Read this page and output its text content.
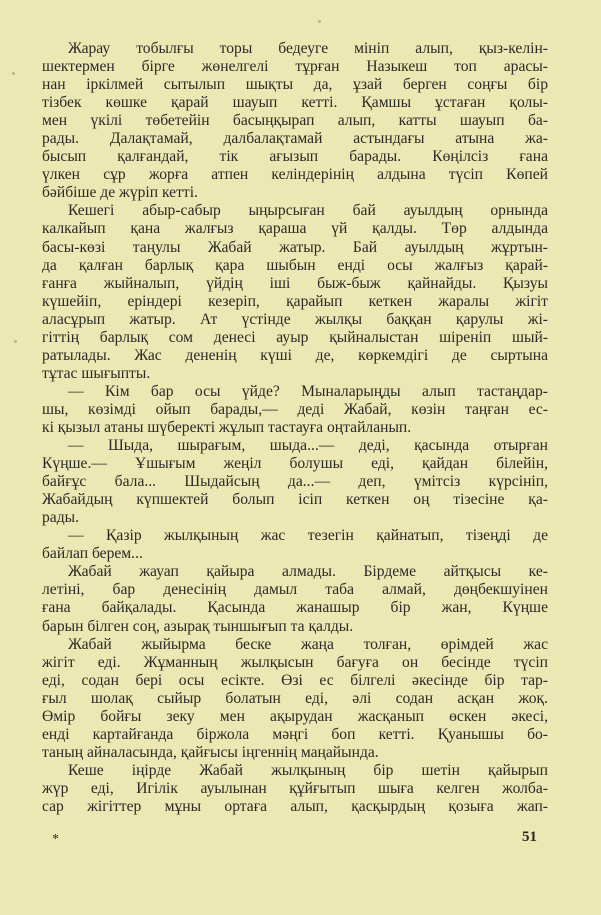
Жарау тобылғы торы бедеуге мініп алып, қыз-келін-
шектермен бірге жөнелгелі тұрған Назыкеш топ арасы-
нан іркілмей сытылып шықты да, ұзай берген соңғы бір
тізбек көшке қарай шауып кетті. Қамшы ұстаған қолы-
мен үкілі төбетейін басыңқырап алып, катты шауып ба-
рады. Далақтамай, далбалақтамай астындағы атына жа-
бысып қалғандай, тік ағызып барады. Көңілсіз ғана
үлкен сұр жорға атпен келіндерінің алдына түсіп Көпей
бәйбіше де жүріп кетті.
Кешегі абыр-сабыр ыңырсыған бай ауылдың орнында
калкайып қана жалғыз қараша үй қалды. Төр алдында
басы-көзі таңулы Жабай жатыр. Бай ауылдың жұртын-
да қалған барлық қара шыбын енді осы жалғыз қарай-
ғанға жыйналып, үйдің іші быж-быж қайнайды. Қызуы
күшейіп, еріндері кезеріп, қарайып кеткен жаралы жігіт
аласұрып жатыр. Ат үстінде жылқы баққан қарулы жі-
гіттің барлық сом денесі ауыр қыйналыстан шіреніп шый-
ратылады. Жас дененің күші де, көркемдігі де сыртына
тұтас шығыпты.
— Кім бар осы үйде? Мыналарыңды алып тастаңдар-
шы, көзімді ойып барады,— деді Жабай, көзін таңған ес-
кі қызыл атаны шүберекті жұлып тастауға оңтайланып.
— Шыда, шырағым, шыда...— деді, қасында отырған
Күңше.— Ұшығым жеңіл болушы еді, қайдан білейін,
байғұс бала... Шыдайсың да...— деп, үмітсіз күрсініп,
Жабайдың күпшектей болып ісіп кеткен оң тізесіне қа-
рады.
— Қазір жылқының жас тезегін қайнатып, тізеңді де
байлап берем...
Жабай жауап қайыра алмады. Бірдеме айтқысы ке-
летіні, бар денесінің дамыл таба алмай, дөңбекшуінен
ғана байқалады. Қасында жанашыр бір жан, Күңше
барын білген соң, азырақ тыншығып та қалды.
Жабай жыйырма беске жаңа толған, өрімдей жас
жігіт еді. Жұманның жылқысын бағуға он бесінде түсіп
еді, содан бері осы есікте. Өзі ес білгелі әкесінде бір тар-
ғыл шолақ сыйыр болатын еді, әлі содан асқан жоқ.
Өмір бойғы зеку мен ақырудан жасқанып өскен әкесі,
енді картайғанда біржола мәңгі боп кетті. Қуанышы бо-
таның айналасында, қайғысы іңгеннің маңайында.
Кеше іңірде Жабай жылқының бір шетін қайырып
жүр еді, Игілік ауылынан құйғытып шыға келген жолба-
сар жігіттер мұны ортаға алып, қасқырдың қозыға жап-
*	51
